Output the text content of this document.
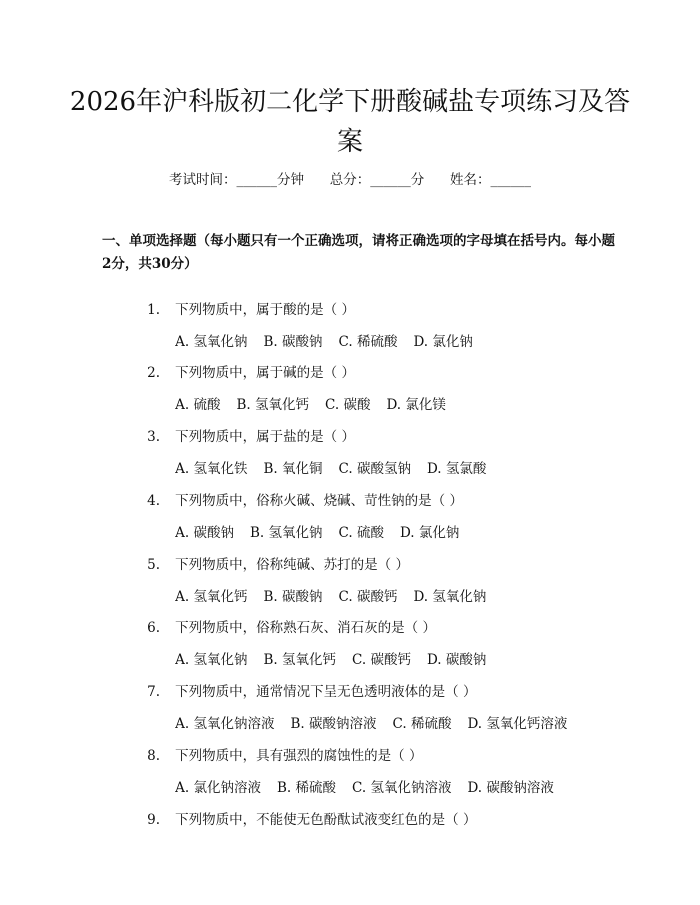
2026年沪科版初二化学下册酸碱盐专项练习及答案
考试时间：______分钟      总分：______分      姓名：______
一、单项选择题（每小题只有一个正确选项，请将正确选项的字母填在括号内。每小题2分，共30分）

1. 下列物质中，属于酸的是（ ）

A. 氢氧化钠 B. 碳酸钠 C. 稀硫酸 D. 氯化钠

2. 下列物质中，属于碱的是（ ）

A. 硫酸 B. 氢氧化钙 C. 碳酸 D. 氯化镁

3. 下列物质中，属于盐的是（ ）

A. 氢氧化铁 B. 氧化铜 C. 碳酸氢钠 D. 氢氯酸

4. 下列物质中，俗称火碱、烧碱、苛性钠的是（ ）

A. 碳酸钠 B. 氢氧化钠 C. 硫酸 D. 氯化钠

5. 下列物质中，俗称纯碱、苏打的是（ ）

A. 氢氧化钙 B. 碳酸钠 C. 碳酸钙 D. 氢氧化钠

6. 下列物质中，俗称熟石灰、消石灰的是（ ）

A. 氢氧化钠 B. 氢氧化钙 C. 碳酸钙 D. 碳酸钠

7. 下列物质中，通常情况下呈无色透明液体的是（ ）

A. 氢氧化钠溶液 B. 碳酸钠溶液 C. 稀硫酸 D. 氢氧化钙溶液

8. 下列物质中，具有强烈的腐蚀性的是（ ）

A. 氯化钠溶液 B. 稀硫酸 C. 氢氧化钠溶液 D. 碳酸钠溶液

9. 下列物质中，不能使无色酚酞试液变红色的是（ ）
